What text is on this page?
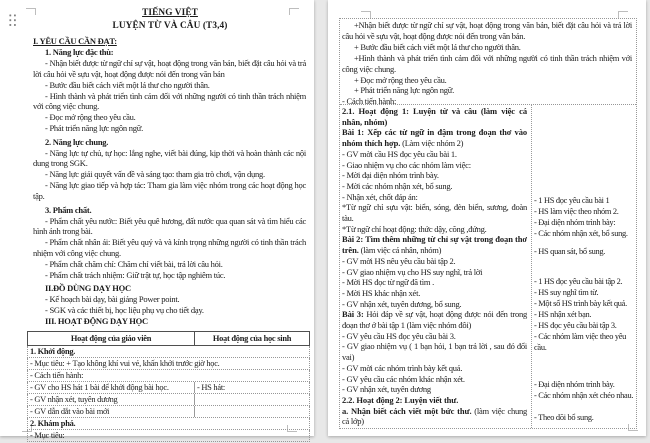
TIẾNG VIỆT
LUYỆN TỪ VÀ CÂU (T3,4)

I. YÊU CẦU CẦN ĐẠT:

1. Năng lực đặc thù:

- Nhận biết được từ ngữ chỉ sự vật, hoạt động trong văn bản, biết đặt câu hỏi và trả lời câu hỏi về sựu vật, hoạt động được nói đến trong văn bản

- Bước đầu biết cách viết một lá thư cho người thân.

- Hình thành và phát triển tình cảm đối với những người có tinh thần trách nhiệm với công việc chung.

- Đọc mở rộng theo yêu cầu.

- Phát triển năng lực ngôn ngữ.

2. Năng lực chung.

- Năng lực tự chủ, tự học: lắng nghe, viết bài đúng, kịp thời và hoàn thành các nội dung trong SGK.

- Năng lực giải quyết vấn đề và sáng tạo: tham gia trò chơi, vận dụng.

- Năng lực giao tiếp và hợp tác: Tham gia làm việc nhóm trong các hoạt động học tập.

3. Phẩm chất.

- Phẩm chất yêu nước: Biết yêu quê hương, đất nước qua quan sát và tìm hiểu các hình ảnh trong bài.

- Phẩm chất nhân ái: Biết yêu quý và và kính trọng những người có tinh thần trách nhiệm với công việc chung.

- Phẩm chất chăm chỉ: Chăm chỉ viết bài, trả lời câu hỏi.

- Phẩm chất trách nhiệm: Giữ trật tự, học tập nghiêm túc.

II.ĐỒ DÙNG DẠY HỌC

- Kế hoạch bài dạy, bài giảng Power point.

- SGK và các thiết bị, học liệu phụ vụ cho tiết dạy.

III. HOẠT ĐỘNG DẠY HỌC

Hoạt động của giáo viên	Hoạt động của học sinh
1. Khởi động.
- Mục tiêu: + Tạo không khí vui vẻ, khấn khởi trước giờ học.
- Cách tiến hành:
- GV cho HS hát 1 bài để khởi động bài học.	- HS hát:
- GV nhận xét, tuyên dương
- GV dẫn dắt vào bài mới
2. Khám phá.
- Mục tiêu:

+Nhận biết được từ ngữ chỉ sự vật, hoạt động trong văn bản, biết đặt câu hỏi và trả lời câu hỏi về sựu vật, hoạt động được nói đến trong văn bản.

+ Bước đầu biết cách viết một lá thư cho người thân.

+Hình thành và phát triển tình cảm đối với những người có tinh thần trách nhiệm với công việc chung.

+ Đọc mở rộng theo yêu cầu.

+ Phát triển năng lực ngôn ngữ.

- Cách tiến hành:

2.1. Hoạt động 1: Luyện từ và câu (làm việc cá nhân, nhóm)

Bài 1: Xếp các từ ngữ in đậm trong đoạn thơ vào nhóm thích hợp. (Làm việc nhóm 2)

- GV mời cầu HS đọc yêu cầu bài 1.

- Giao nhiệm vụ cho các nhóm làm việc:

- Mời đại diện nhóm trình bày.

- Mời các nhóm nhận xét, bổ sung.

- Nhận xét, chốt đáp án:

*Từ ngữ chỉ sựu vật: biển, sóng, đèn biển, sương, đoàn tàu.

*Từ ngữ chỉ hoạt động: thức dậy, cõng ,đứng.

Bài 2: Tìm thêm những từ chỉ sự vật trong đoạn thơ trên. (làm việc cá nhân, nhóm)

- GV mời HS nêu yêu cầu bài tập 2.

- GV giao nhiệm vụ cho HS suy nghĩ, trả lời

- Mời HS đọc từ ngữ đã tìm .

- Mời HS khác nhận xét.

- GV nhận xét, tuyên dương, bổ sung.

Bài 3: Hỏi đáp về sự vật, hoạt động được nói đến trong đoạn thơ ở bài tập 1 (làm việc nhóm đôi)

- GV yêu cầu HS đọc yêu cầu bài 3.

- GV giao nhiệm vụ ( 1 bạn hỏi, 1 bạn trả lời , sau đó đổi vai)

- GV mời các nhóm trình bày kết quả.

- GV yêu cầu các nhóm khác nhận xét.

- GV nhận xét, tuyên dương

2.2. Hoạt động 2: Luyện viết thư.

a. Nhận biết cách viết một bức thư. (làm việc chung cả lớp)

- 1 HS đọc yêu cầu bài 1
- HS làm việc theo nhóm 2.
- Đại diện nhóm trình bày:
- Các nhóm nhận xét, bổ sung.
- HS quan sát, bổ sung.
- 1 HS đọc yêu cầu bài tập 2.
- HS suy nghĩ tìm từ.
- Một số HS trình bày kết quả.
- HS nhận xét bạn.
- HS đọc yêu cầu bài tập 3.
- Các nhóm làm việc theo yêu cầu.
- Đại diện nhóm trình bày.
- Các nhóm nhận xét chéo nhau.
- Theo dõi bổ sung.
